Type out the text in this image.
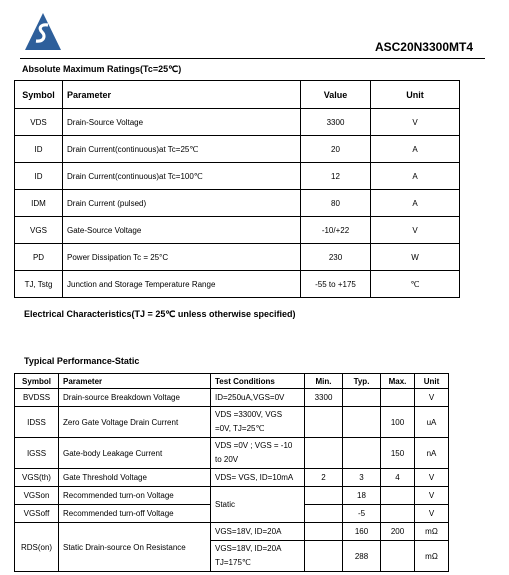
ASC20N3300MT4
Absolute Maximum Ratings(Tc=25℃)
Symbol	Parameter	Value	Unit
VDS	Drain-Source Voltage	3300	V
ID	Drain Current(continuous)at Tc=25℃	20	A
ID	Drain Current(continuous)at Tc=100℃	12	A
IDM	Drain Current (pulsed)	80	A
VGS	Gate-Source Voltage	-10/+22	V
PD	Power Dissipation Tc = 25°C	230	W
TJ, Tstg	Junction and Storage Temperature Range	-55 to +175	℃
Electrical Characteristics(TJ = 25℃ unless otherwise specified)
Typical Performance-Static
Symbol	Parameter	Test Conditions	Min.	Typ.	Max.	Unit
BVDSS	Drain-source Breakdown Voltage	ID=250uA,VGS=0V	3300			V
IDSS	Zero Gate Voltage Drain Current	VDS =3300V, VGS =0V, TJ=25℃			100	uA
IGSS	Gate-body Leakage Current	VDS =0V ; VGS = -10 to 20V			150	nA
VGS(th)	Gate Threshold Voltage	VDS= VGS, ID=10mA	2	3	4	V
VGSon	Recommended turn-on Voltage	Static		18		V
VGSoff	Recommended turn-off Voltage			-5		V
RDS(on)	Static Drain-source On Resistance	VGS=18V, ID=20A		160	200	mΩ
		VGS=18V, ID=20A TJ=175℃		288		mΩ
